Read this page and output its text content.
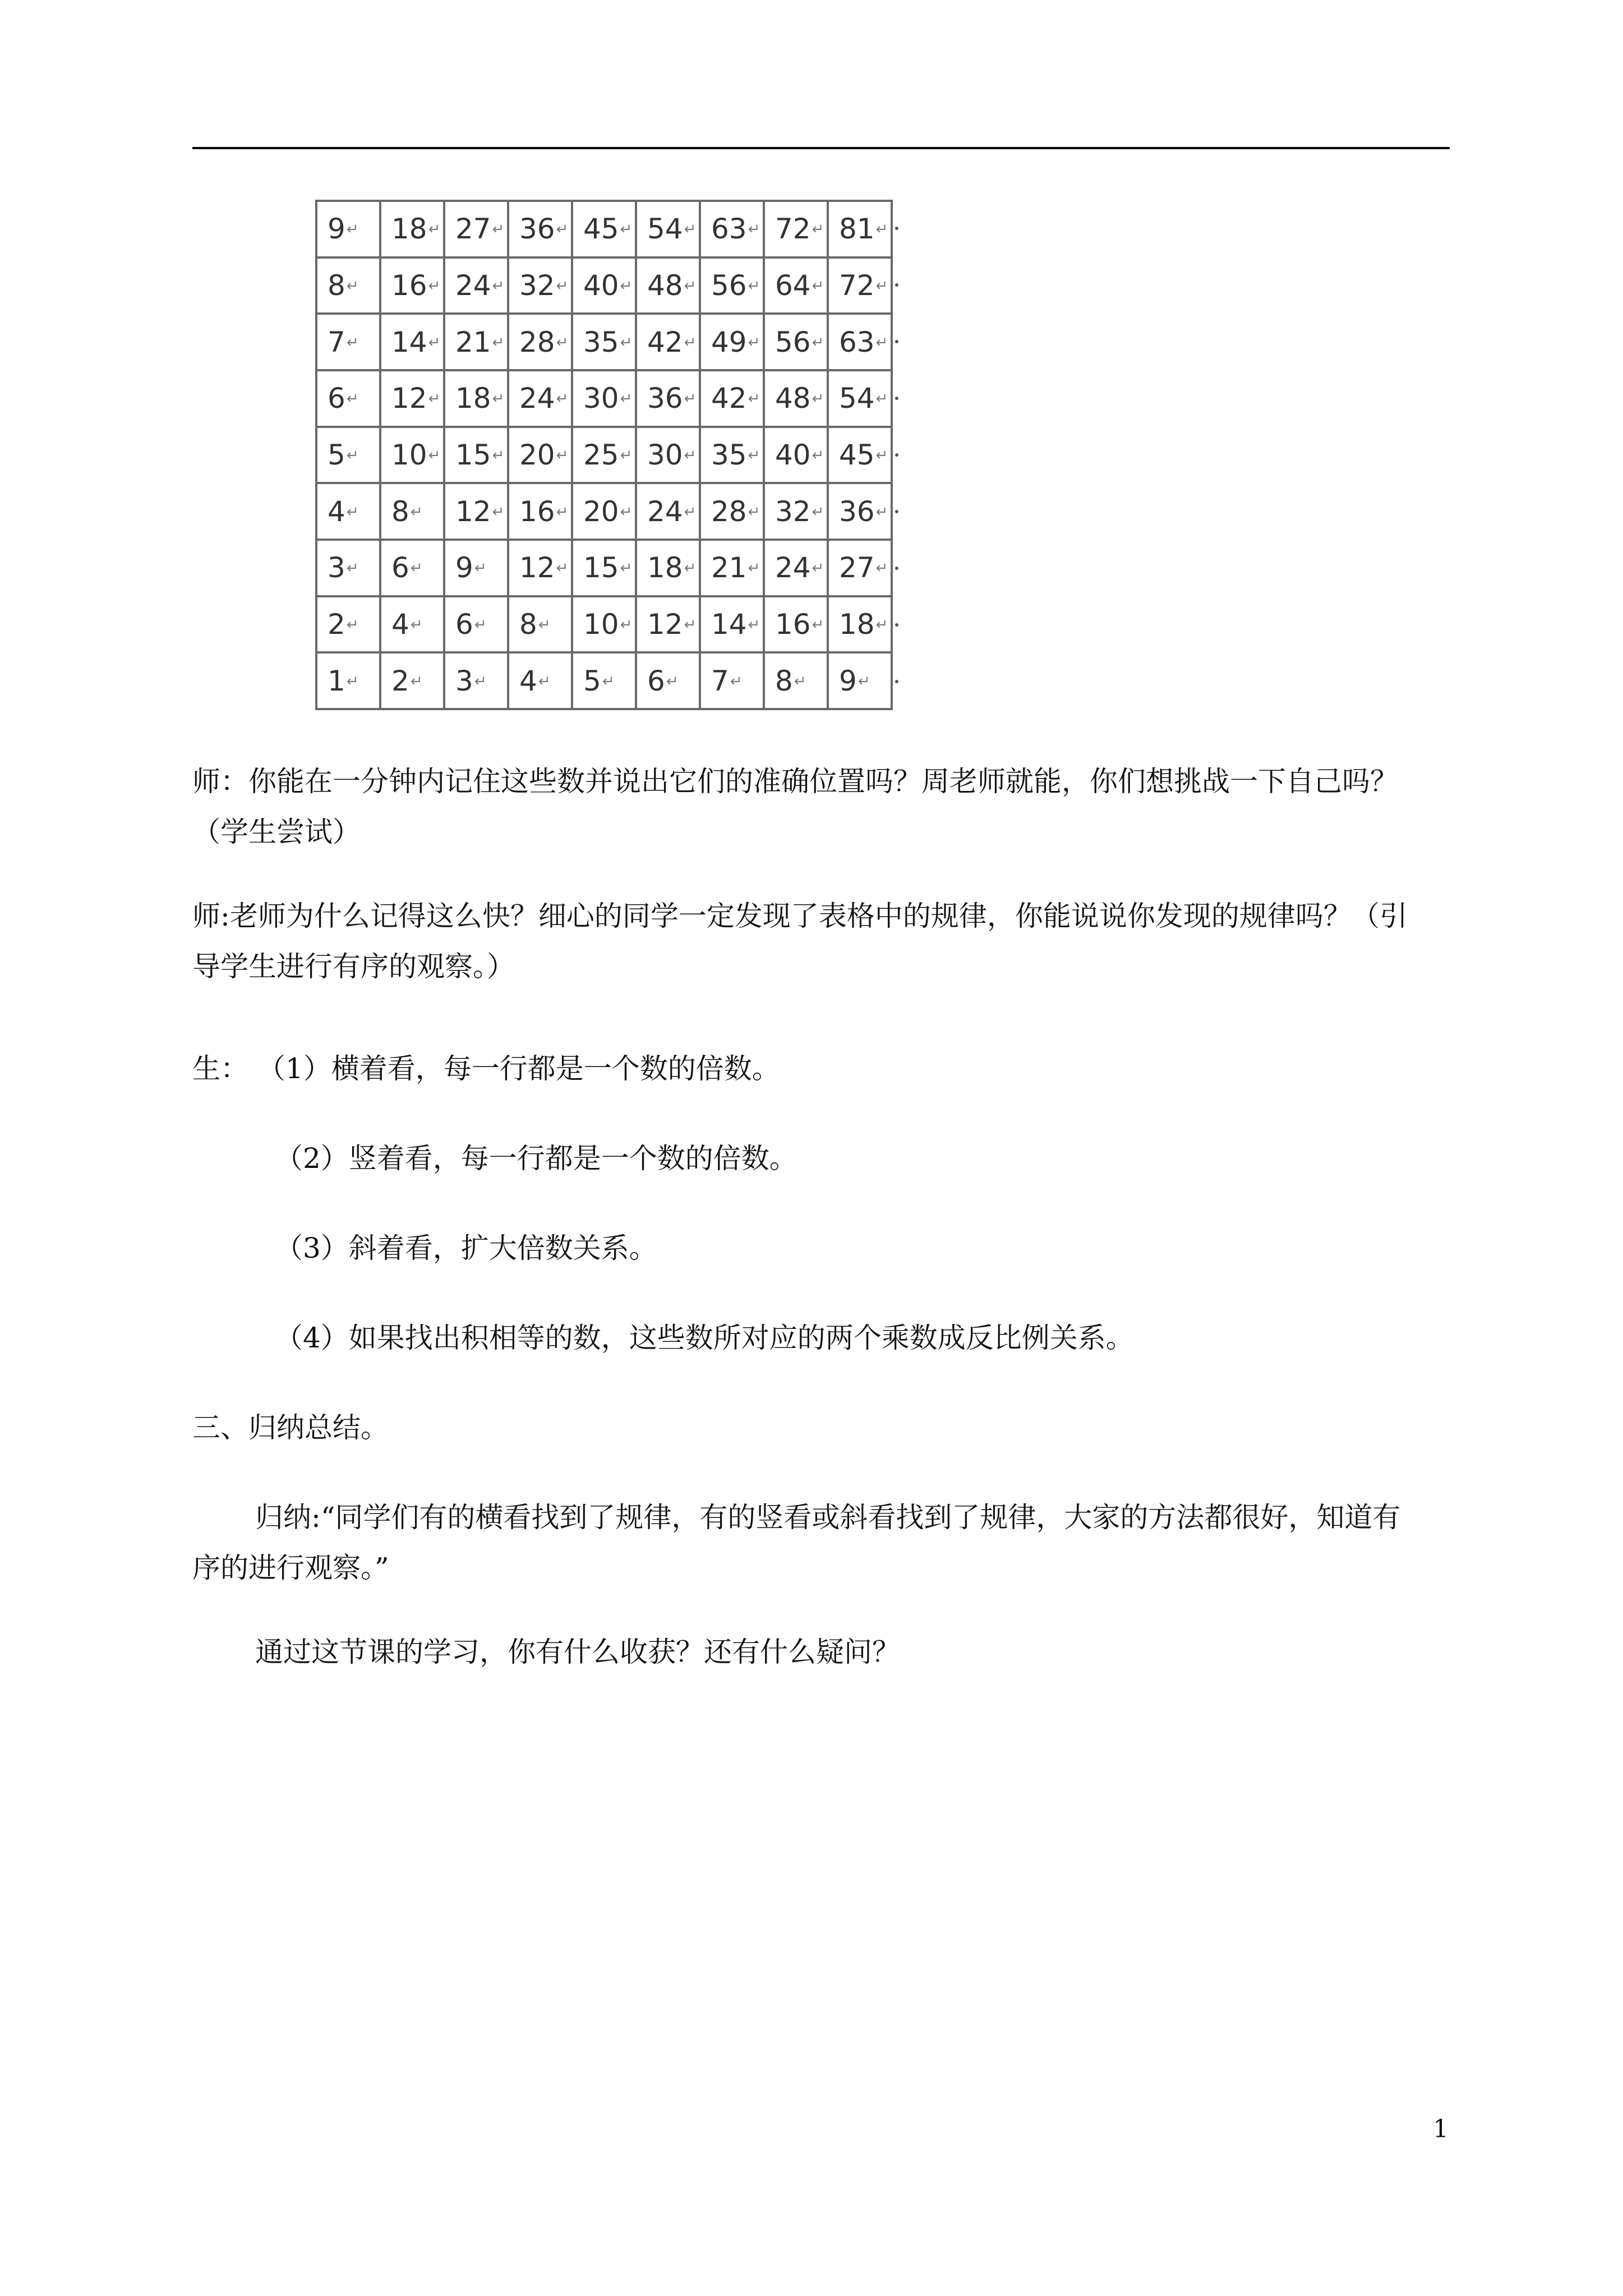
9↵	18↵	27↵	36↵	45↵	54↵	63↵	72↵	81↵
8↵	16↵	24↵	32↵	40↵	48↵	56↵	64↵	72↵
7↵	14↵	21↵	28↵	35↵	42↵	49↵	56↵	63↵
6↵	12↵	18↵	24↵	30↵	36↵	42↵	48↵	54↵
5↵	10↵	15↵	20↵	25↵	30↵	35↵	40↵	45↵
4↵	8↵	12↵	16↵	20↵	24↵	28↵	32↵	36↵
3↵	6↵	9↵	12↵	15↵	18↵	21↵	24↵	27↵
2↵	4↵	6↵	8↵	10↵	12↵	14↵	16↵	18↵
1↵	2↵	3↵	4↵	5↵	6↵	7↵	8↵	9↵

师：你能在一分钟内记住这些数并说出它们的准确位置吗？周老师就能，你们想挑战一下自己吗？

（学生尝试）

师:老师为什么记得这么快？细心的同学一定发现了表格中的规律，你能说说你发现的规律吗？（引

导学生进行有序的观察。）

生： （1）横着看，每一行都是一个数的倍数。

（2）竖着看，每一行都是一个数的倍数。

（3）斜着看，扩大倍数关系。

（4）如果找出积相等的数，这些数所对应的两个乘数成反比例关系。

三、归纳总结。

归纳:“同学们有的横看找到了规律，有的竖看或斜看找到了规律，大家的方法都很好，知道有

序的进行观察。”

通过这节课的学习，你有什么收获？还有什么疑问？

1
